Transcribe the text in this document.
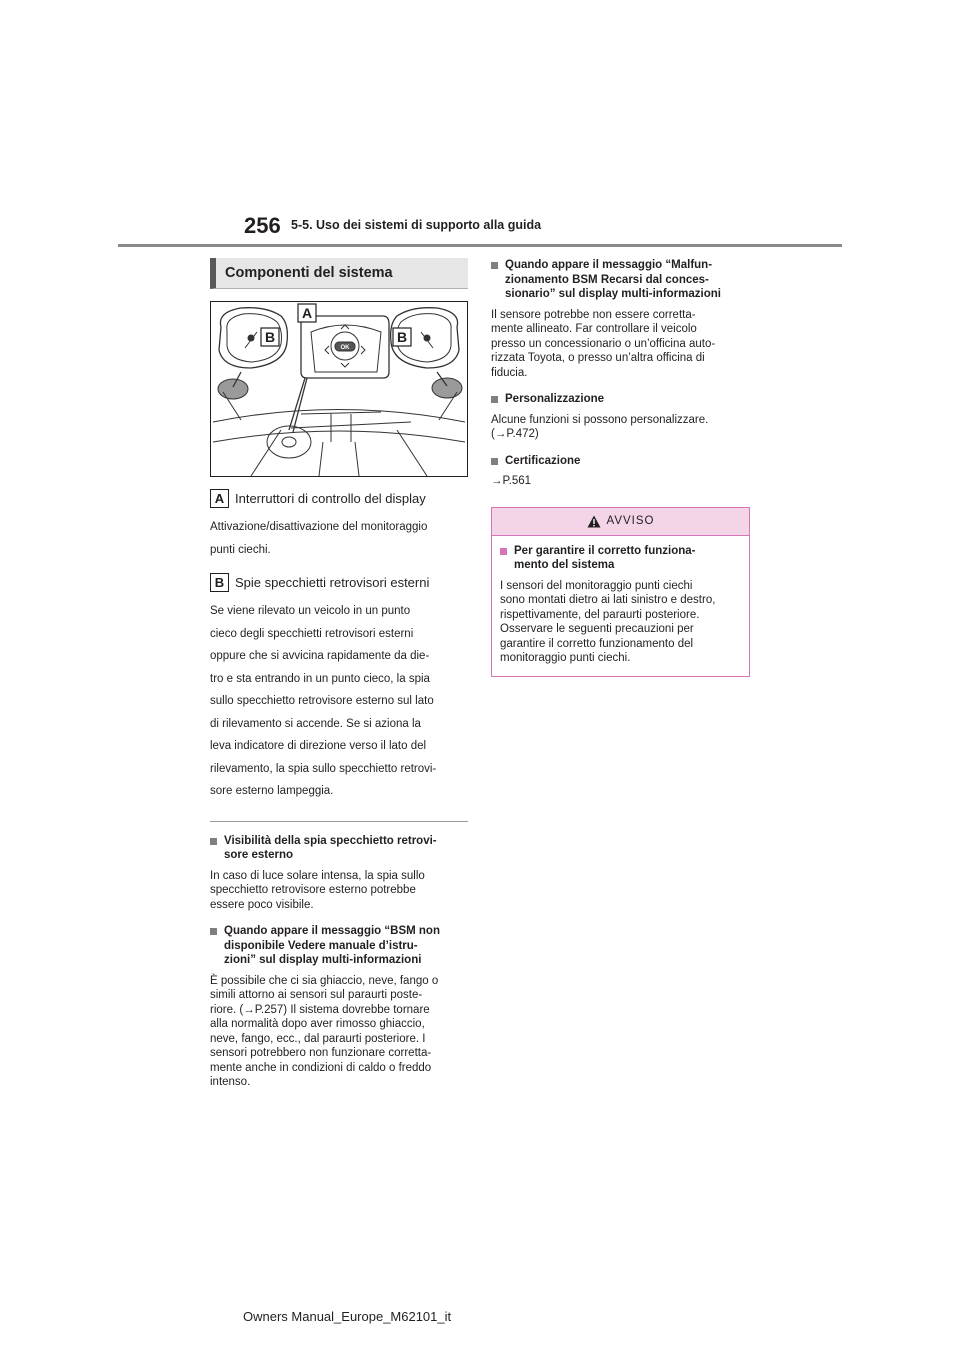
256 5-5. Uso dei sistemi di supporto alla guida
Componenti del sistema
A
B	B
OK
A Interruttori di controllo del display
Attivazione/disattivazione del monitoraggio
punti ciechi.
B Spie specchietti retrovisori esterni
Se viene rilevato un veicolo in un punto
cieco degli specchietti retrovisori esterni
oppure che si avvicina rapidamente da die-
tro e sta entrando in un punto cieco, la spia
sullo specchietto retrovisore esterno sul lato
di rilevamento si accende. Se si aziona la
leva indicatore di direzione verso il lato del
rilevamento, la spia sullo specchietto retrovi-
sore esterno lampeggia.
Visibilità della spia specchietto retrovi-
sore esterno
In caso di luce solare intensa, la spia sullo
specchietto retrovisore esterno potrebbe
essere poco visibile.
Quando appare il messaggio “BSM non
disponibile Vedere manuale d’istru-
zioni” sul display multi-informazioni
È possibile che ci sia ghiaccio, neve, fango o
simili attorno ai sensori sul paraurti poste-
riore. (→P.257) Il sistema dovrebbe tornare
alla normalità dopo aver rimosso ghiaccio,
neve, fango, ecc., dal paraurti posteriore. I
sensori potrebbero non funzionare corretta-
mente anche in condizioni di caldo o freddo
intenso.
Quando appare il messaggio “Malfun-
zionamento BSM Recarsi dal conces-
sionario” sul display multi-informazioni
Il sensore potrebbe non essere corretta-
mente allineato. Far controllare il veicolo
presso un concessionario o un’officina auto-
rizzata Toyota, o presso un’altra officina di
fiducia.
Personalizzazione
Alcune funzioni si possono personalizzare.
(→P.472)
Certificazione
→P.561
AVVISO
Per garantire il corretto funziona-
mento del sistema
I sensori del monitoraggio punti ciechi
sono montati dietro ai lati sinistro e destro,
rispettivamente, del paraurti posteriore.
Osservare le seguenti precauzioni per
garantire il corretto funzionamento del
monitoraggio punti ciechi.
Owners Manual_Europe_M62101_it
